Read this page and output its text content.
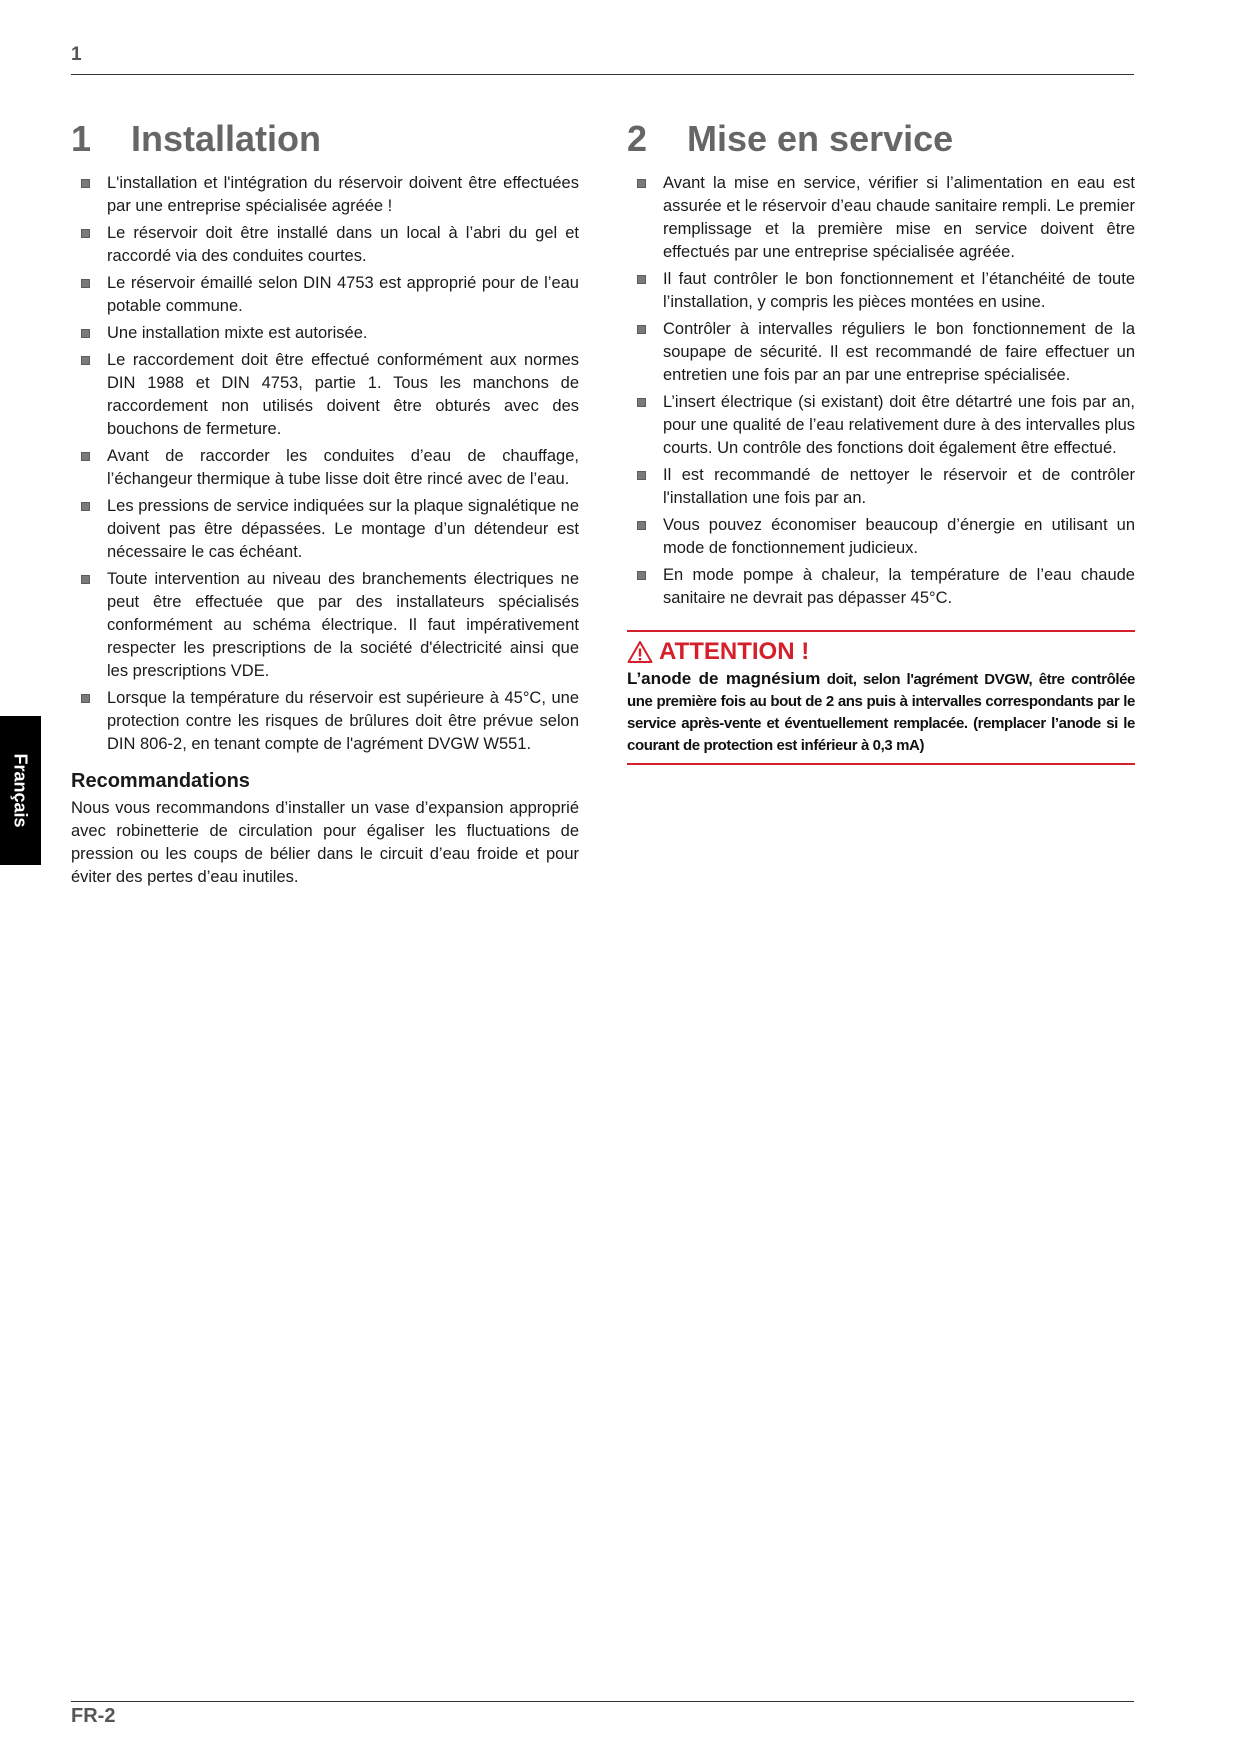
1
Français
1	Installation
L'installation et l'intégration du réservoir doivent être effectuées par une entreprise spécialisée agréée !
Le réservoir doit être installé dans un local à l’abri du gel et raccordé via des conduites courtes.
Le réservoir émaillé selon DIN 4753 est approprié pour de l’eau potable commune.
Une installation mixte est autorisée.
Le raccordement doit être effectué conformément aux normes DIN 1988 et DIN 4753, partie 1. Tous les manchons de raccordement non utilisés doivent être obturés avec des bouchons de fermeture.
Avant de raccorder les conduites d’eau de chauffage, l’échangeur thermique à tube lisse doit être rincé avec de l’eau.
Les pressions de service indiquées sur la plaque signalétique ne doivent pas être dépassées. Le montage d’un détendeur est nécessaire le cas échéant.
Toute intervention au niveau des branchements électriques ne peut être effectuée que par des installateurs spécialisés conformément au schéma électrique. Il faut impérativement respecter les prescriptions de la société d'électricité ainsi que les prescriptions VDE.
Lorsque la température du réservoir est supérieure à 45°C, une protection contre les risques de brûlures doit être prévue selon DIN 806-2, en tenant compte de l'agrément DVGW W551.
Recommandations

Nous vous recommandons d’installer un vase d’expansion approprié avec robinetterie de circulation pour égaliser les fluctuations de pression ou les coups de bélier dans le circuit d’eau froide et pour éviter des pertes d’eau inutiles.

2	Mise en service
Avant la mise en service, vérifier si l’alimentation en eau est assurée et le réservoir d’eau chaude sanitaire rempli. Le premier remplissage et la première mise en service doivent être effectués par une entreprise spécialisée agréée.
Il faut contrôler le bon fonctionnement et l’étanchéité de toute l’installation, y compris les pièces montées en usine.
Contrôler à intervalles réguliers le bon fonctionnement de la soupape de sécurité. Il est recommandé de faire effectuer un entretien une fois par an par une entreprise spécialisée.
L’insert électrique (si existant) doit être détartré une fois par an, pour une qualité de l’eau relativement dure à des intervalles plus courts. Un contrôle des fonctions doit également être effectué.
Il est recommandé de nettoyer le réservoir et de contrôler l'installation une fois par an.
Vous pouvez économiser beaucoup d’énergie en utilisant un mode de fonctionnement judicieux.
En mode pompe à chaleur, la température de l’eau chaude sanitaire ne devrait pas dépasser 45°C.
ATTENTION !

L’anode de magnésium doit, selon l'agrément DVGW, être contrôlée une première fois au bout de 2 ans puis à intervalles correspondants par le service après-vente et éventuellement remplacée. (remplacer l’anode si le courant de protection est inférieur à 0,3 mA)

FR-2
